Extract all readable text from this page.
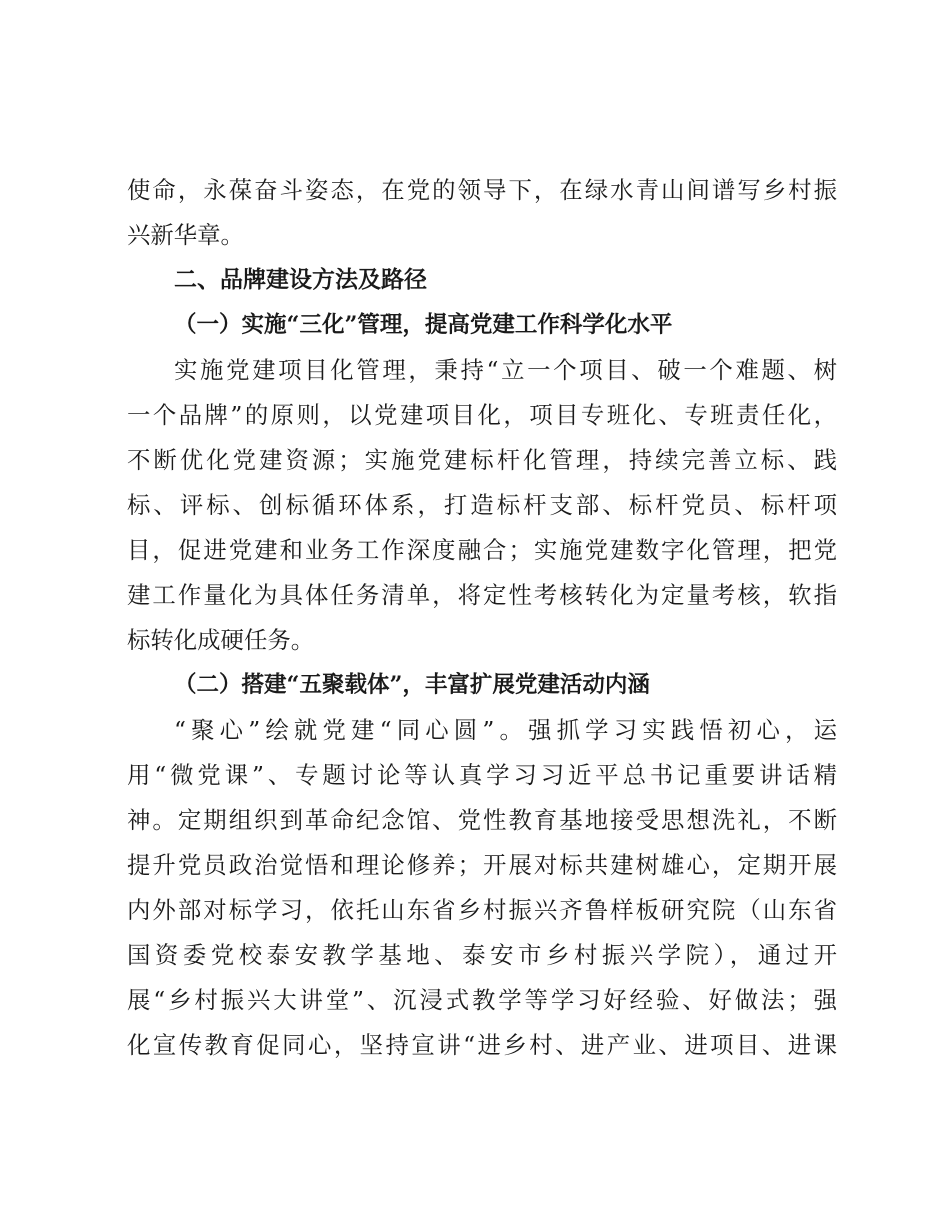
使命，永葆奋斗姿态，在党的领导下，在绿水青山间谱写乡村振
兴新华章。
二、品牌建设方法及路径
（一）实施“三化”管理，提高党建工作科学化水平
实施党建项目化管理，秉持“立一个项目、破一个难题、树
一个品牌”的原则，以党建项目化，项目专班化、专班责任化，
不断优化党建资源；实施党建标杆化管理，持续完善立标、践
标、评标、创标循环体系，打造标杆支部、标杆党员、标杆项
目，促进党建和业务工作深度融合；实施党建数字化管理，把党
建工作量化为具体任务清单，将定性考核转化为定量考核，软指
标转化成硬任务。
（二）搭建“五聚载体”，丰富扩展党建活动内涵
“聚心”绘就党建“同心圆”。强抓学习实践悟初心，运
用“微党课”、专题讨论等认真学习习近平总书记重要讲话精
神。定期组织到革命纪念馆、党性教育基地接受思想洗礼，不断
提升党员政治觉悟和理论修养；开展对标共建树雄心，定期开展
内外部对标学习，依托山东省乡村振兴齐鲁样板研究院（山东省
国资委党校泰安教学基地、泰安市乡村振兴学院），通过开
展“乡村振兴大讲堂”、沉浸式教学等学习好经验、好做法；强
化宣传教育促同心，坚持宣讲“进乡村、进产业、进项目、进课
